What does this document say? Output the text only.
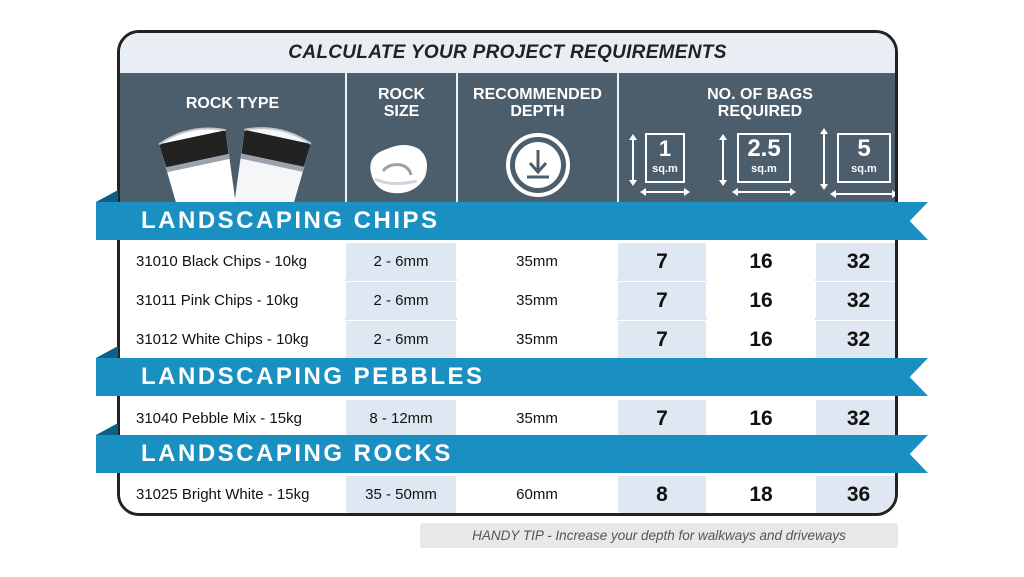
CALCULATE YOUR PROJECT REQUIREMENTS
ROCK TYPE
ROCK
SIZE
RECOMMENDED
DEPTH
NO. OF BAGS
REQUIRED
1
sq.m
2.5
sq.m
5
sq.m
31010 Black Chips - 10kg	2 - 6mm	35mm	7	16	32
31011 Pink Chips - 10kg	2 - 6mm	35mm	7	16	32
31012 White Chips - 10kg	2 - 6mm	35mm	7	16	32
31040 Pebble Mix - 15kg	8 - 12mm	35mm	7	16	32
31025 Bright White - 15kg	35 - 50mm	60mm	8	18	36
LANDSCAPING CHIPS
LANDSCAPING PEBBLES
LANDSCAPING ROCKS
HANDY TIP - Increase your depth for walkways and driveways
